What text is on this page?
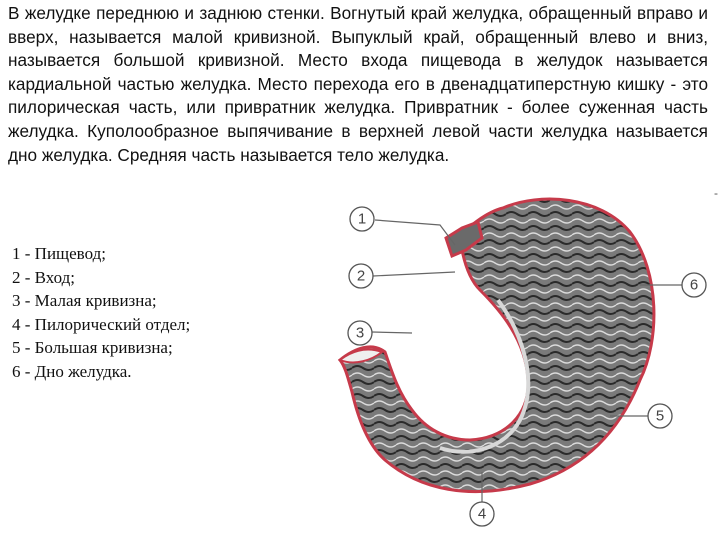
В желудке переднюю и заднюю стенки. Вогнутый край желудка, обращенный вправо и вверх, называется малой кривизной. Выпуклый край, обращенный влево и вниз, называется большой кривизной. Место входа пищевода в желудок называется кардиальной частью желудка. Место перехода его в двенадцатиперстную кишку - это пилорическая часть, или привратник желудка. Привратник - более суженная часть желудка. Куполообразное выпячивание в верхней левой части желудка называется дно желудка. Средняя часть называется тело желудка.

-
1 - Пищевод;
2 - Вход;
3 - Малая кривизна;
4 - Пилорический отдел;
5 - Большая кривизна;
6 - Дно желудка.
1
2
3
4
5
6
